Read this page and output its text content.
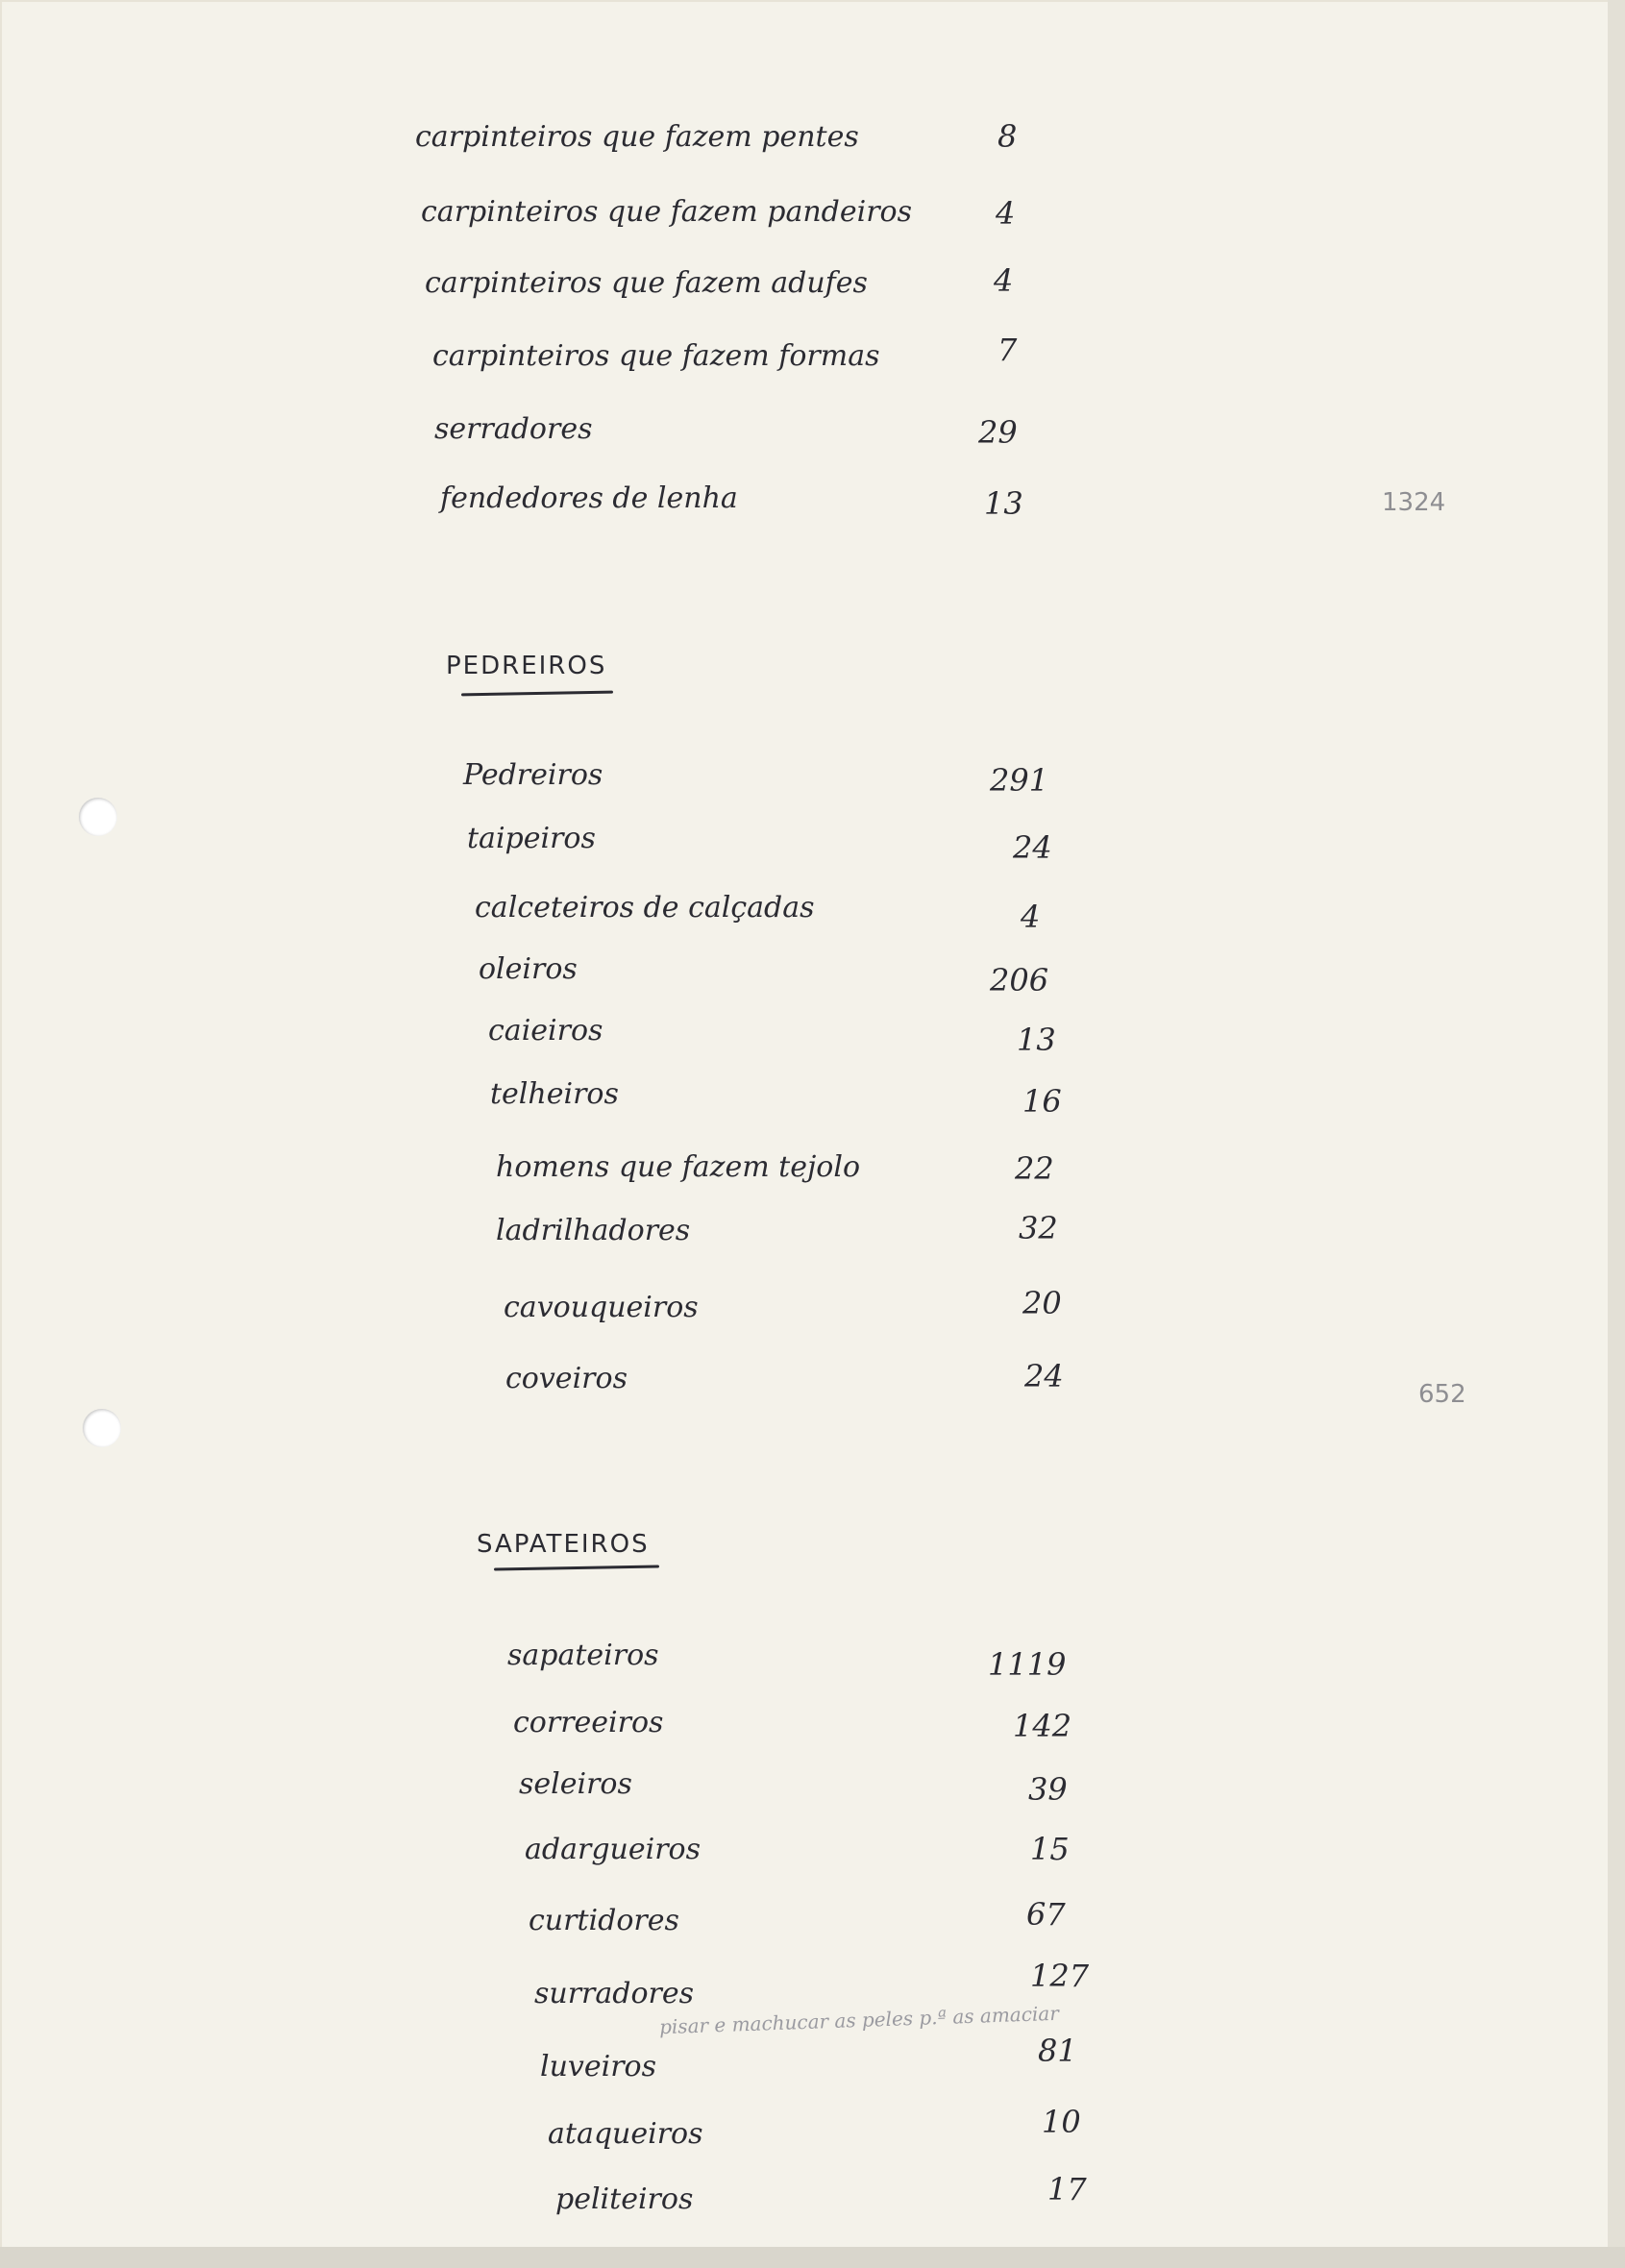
carpinteiros que fazem pentes	8
carpinteiros que fazem pandeiros	4
carpinteiros que fazem adufes	4
carpinteiros que fazem formas	7
serradores	29
fendedores de lenha	13	1324
PEDREIROS
Pedreiros	291
taipeiros	24
calceteiros de calçadas	4
oleiros	206
caieiros	13
telheiros	16
homens que fazem tejolo	22
ladrilhadores	32
cavouqueiros	20
coveiros	24	652
SAPATEIROS
sapateiros	1119
correeiros	142
seleiros	39
adargueiros	15
curtidores	67
surradores	127
pisar e machucar as peles p.ª as amaciar
luveiros	81
ataqueiros	10
peliteiros	17
